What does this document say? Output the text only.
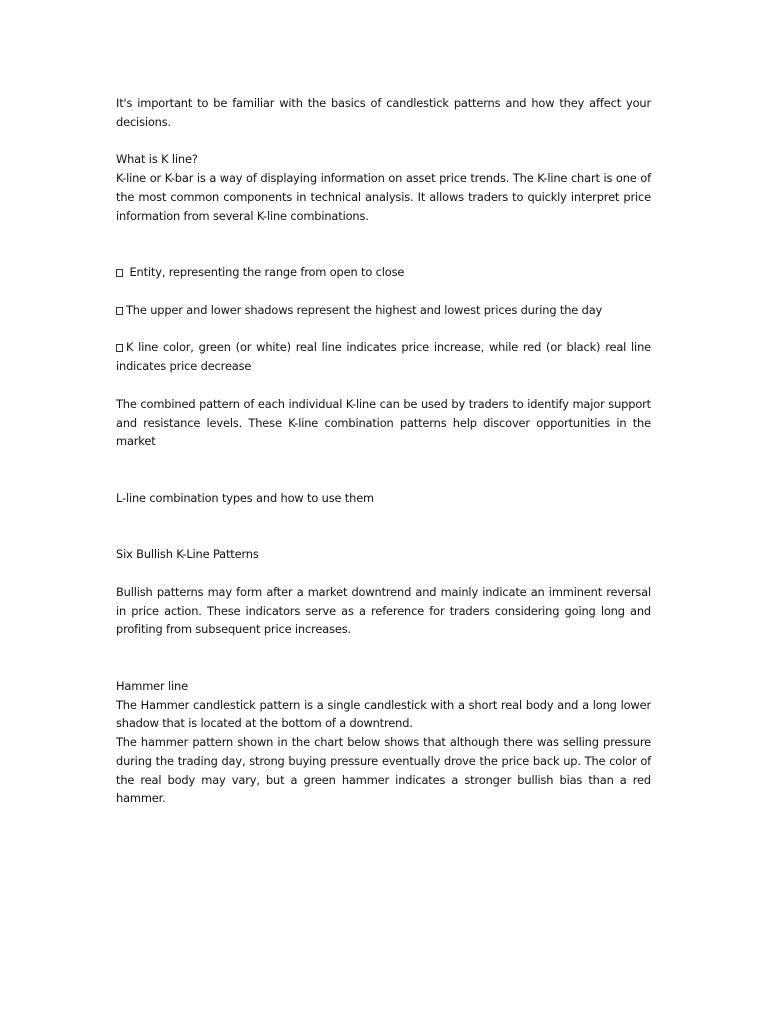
It's important to be familiar with the basics of candlestick patterns and how they affect your decisions.

What is K line?

K-line or K-bar is a way of displaying information on asset price trends. The K-line chart is one of the most common components in technical analysis. It allows traders to quickly interpret price information from several K-line combinations.

Entity, representing the range from open to close

The upper and lower shadows represent the highest and lowest prices during the day

K line color, green (or white) real line indicates price increase, while red (or black) real line indicates price decrease

The combined pattern of each individual K-line can be used by traders to identify major support and resistance levels. These K-line combination patterns help discover opportunities in the market

L-line combination types and how to use them

Six Bullish K-Line Patterns

Bullish patterns may form after a market downtrend and mainly indicate an imminent reversal in price action. These indicators serve as a reference for traders considering going long and profiting from subsequent price increases.

Hammer line

The Hammer candlestick pattern is a single candlestick with a short real body and a long lower shadow that is located at the bottom of a downtrend.

The hammer pattern shown in the chart below shows that although there was selling pressure during the trading day, strong buying pressure eventually drove the price back up. The color of the real body may vary, but a green hammer indicates a stronger bullish bias than a red hammer.
